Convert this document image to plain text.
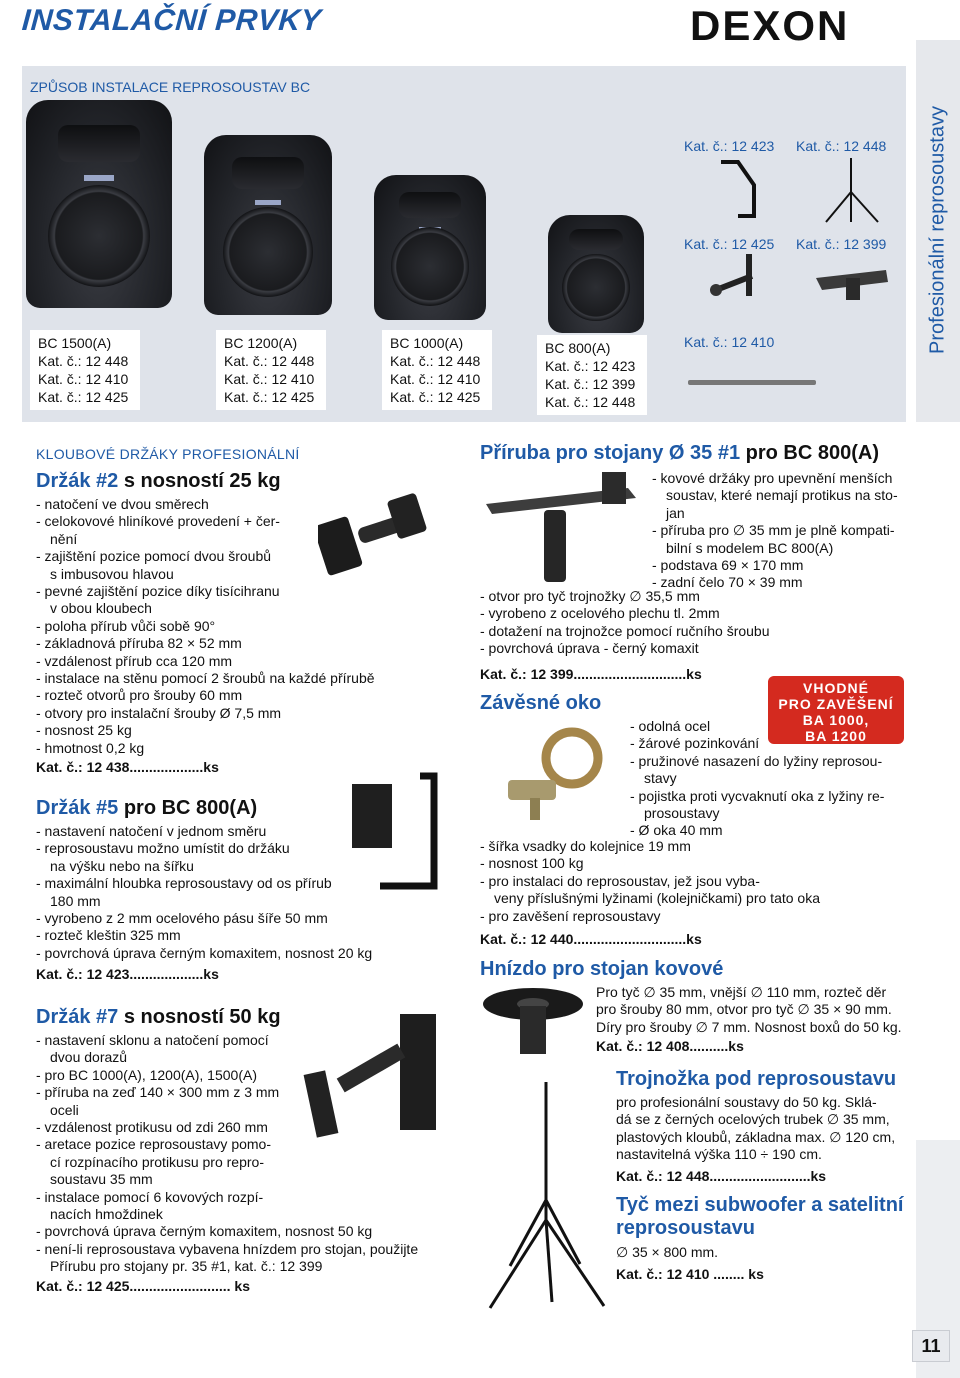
INSTALAČNÍ PRVKY	DEXON
Profesionální reprosoustavy
ZPŮSOB INSTALACE REPROSOUSTAV BC
BC 1500(A)
Kat. č.: 12 448
Kat. č.: 12 410
Kat. č.: 12 425
BC 1200(A)
Kat. č.: 12 448
Kat. č.: 12 410
Kat. č.: 12 425
BC 1000(A)
Kat. č.: 12 448
Kat. č.: 12 410
Kat. č.: 12 425
BC 800(A)
Kat. č.: 12 423
Kat. č.: 12 399
Kat. č.: 12 448
Kat. č.: 12 423 Kat. č.: 12 448
Kat. č.: 12 425 Kat. č.: 12 399
Kat. č.: 12 410
KLOUBOVÉ DRŽÁKY PROFESIONÁLNÍ
Držák #2 s nosností 25 kg
- natočení ve dvou směrech
- celokovové hliníkové provedení + čer-
nění
- zajištění pozice pomocí dvou šroubů
s imbusovou hlavou
- pevné zajištění pozice díky tisícihranu
v obou kloubech
- poloha přírub vůči sobě 90°
- základnová příruba 82 × 52 mm
- vzdálenost přírub cca 120 mm
- instalace na stěnu pomocí 2 šroubů na každé přírubě
- rozteč otvorů pro šrouby 60 mm
- otvory pro instalační šrouby Ø 7,5 mm
- nosnost 25 kg
- hmotnost 0,2 kg
Kat. č.: 12 438...................ks
Držák #5 pro BC 800(A)
- nastavení natočení v jednom směru
- reprosoustavu možno umístit do držáku
na výšku nebo na šířku
- maximální hloubka reprosoustavy od os přírub
180 mm
- vyrobeno z 2 mm ocelového pásu šíře 50 mm
- rozteč kleštin 325 mm
- povrchová úprava černým komaxitem, nosnost 20 kg
Kat. č.: 12 423...................ks
Držák #7 s nosností 50 kg
- nastavení sklonu a natočení pomocí
dvou dorazů
- pro BC 1000(A), 1200(A), 1500(A)
- příruba na zeď 140 × 300 mm z 3 mm
oceli
- vzdálenost protikusu od zdi 260 mm
- aretace pozice reprosoustavy pomo-
cí rozpínacího protikusu pro repro-
soustavu 35 mm
- instalace pomocí 6 kovových rozpí-
nacích hmoždinek
- povrchová úprava černým komaxitem, nosnost 50 kg
- není-li reprosoustava vybavena hnízdem pro stojan, použijte
Přírubu pro stojany pr. 35 #1, kat. č.: 12 399
Kat. č.: 12 425.......................... ks
Příruba pro stojany Ø 35 #1 pro BC 800(A)
- kovové držáky pro upevnění menších
soustav, které nemají protikus na sto-
jan
- příruba pro ∅ 35 mm je plně kompati-
bilní s modelem BC 800(A)
- podstava 69 × 170 mm
- zadní čelo 70 × 39 mm
- otvor pro tyč trojnožky ∅ 35,5 mm
- vyrobeno z ocelového plechu tl. 2mm
- dotažení na trojnožce pomocí ručního šroubu
- povrchová úprava - černý komaxit
Kat. č.: 12 399.............................ks
VHODNÉ
PRO ZAVĚŠENÍ
BA 1000,
BA 1200
Závěsné oko
- odolná ocel
- žárové pozinkování
- pružinové nasazení do lyžiny reprosou-
stavy
- pojistka proti vycvaknutí oka z lyžiny re-
prosoustavy
- Ø oka 40 mm
- šířka vsadky do kolejnice 19 mm
- nosnost 100 kg
- pro instalaci do reprosoustav, jež jsou vyba-
veny příslušnými lyžinami (kolejničkami) pro tato oka
- pro zavěšení reprosoustavy
Kat. č.: 12 440.............................ks
Hnízdo pro stojan kovové
Pro tyč ∅ 35 mm, vnější ∅ 110 mm, rozteč děr
pro šrouby 80 mm, otvor pro tyč ∅ 35 × 90 mm.
Díry pro šrouby ∅ 7 mm. Nosnost boxů do 50 kg.
Kat. č.: 12 408..........ks
Trojnožka pod reprosoustavu
pro profesionální soustavy do 50 kg. Sklá-
dá se z černých ocelových trubek ∅ 35 mm,
plastových kloubů, základna max. ∅ 120 cm,
nastavitelná výška 110 ÷ 190 cm.
Kat. č.: 12 448..........................ks
Tyč mezi subwoofer a satelitní
reprosoustavu
∅ 35 × 800 mm.
Kat. č.: 12 410 ........ ks
11
